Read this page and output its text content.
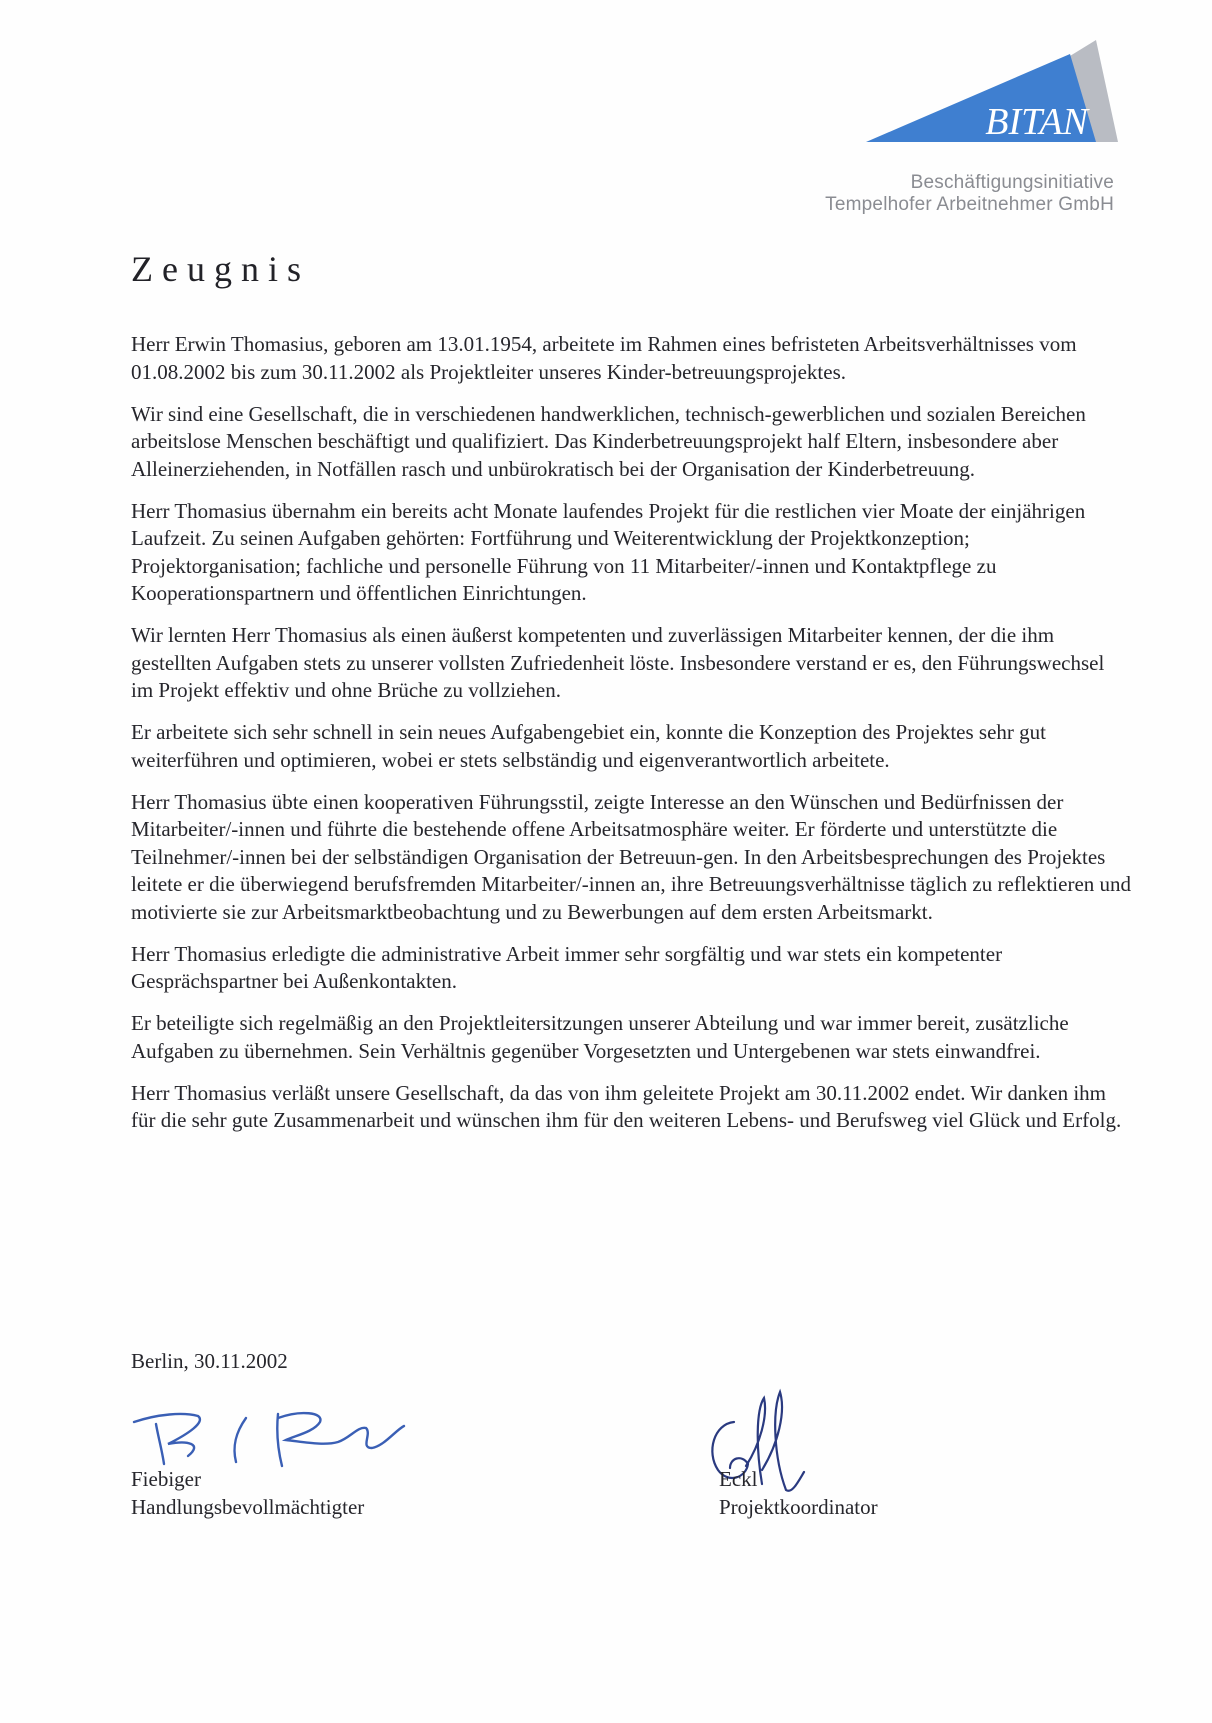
BITAN
Beschäftigungsinitiative
Tempelhofer Arbeitnehmer GmbH
Zeugnis

Herr Erwin Thomasius, geboren am 13.01.1954, arbeitete im Rahmen eines befristeten Arbeitsverhältnisses vom 01.08.2002 bis zum 30.11.2002 als Projektleiter unseres Kinder-betreuungsprojektes.

Wir sind eine Gesellschaft, die in verschiedenen handwerklichen, technisch-gewerblichen und sozialen Bereichen arbeitslose Menschen beschäftigt und qualifiziert. Das Kinderbetreuungsprojekt half Eltern, insbesondere aber Alleinerziehenden, in Notfällen rasch und unbürokratisch bei der Organisation der Kinderbetreuung.

Herr Thomasius übernahm ein bereits acht Monate laufendes Projekt für die restlichen vier Moate der einjährigen Laufzeit. Zu seinen Aufgaben gehörten: Fortführung und Weiterentwicklung der Projektkonzeption; Projektorganisation; fachliche und personelle Führung von 11 Mitarbeiter/-innen und Kontaktpflege zu Kooperationspartnern und öffentlichen Einrichtungen.

Wir lernten Herr Thomasius als einen äußerst kompetenten und zuverlässigen Mitarbeiter kennen, der die ihm gestellten Aufgaben stets zu unserer vollsten Zufriedenheit löste. Insbesondere verstand er es, den Führungswechsel im Projekt effektiv und ohne Brüche zu vollziehen.

Er arbeitete sich sehr schnell in sein neues Aufgabengebiet ein, konnte die Konzeption des Projektes sehr gut weiterführen und optimieren, wobei er stets selbständig und eigenverantwortlich arbeitete.

Herr Thomasius übte einen kooperativen Führungsstil, zeigte Interesse an den Wünschen und Bedürfnissen der Mitarbeiter/-innen und führte die bestehende offene Arbeitsatmosphäre weiter. Er förderte und unterstützte die Teilnehmer/-innen bei der selbständigen Organisation der Betreuun-gen. In den Arbeitsbesprechungen des Projektes leitete er die überwiegend berufsfremden Mitarbeiter/-innen an, ihre Betreuungsverhältnisse täglich zu reflektieren und motivierte sie zur Arbeitsmarktbeobachtung und zu Bewerbungen auf dem ersten Arbeitsmarkt.

Herr Thomasius erledigte die administrative Arbeit immer sehr sorgfältig und war stets ein kompetenter Gesprächspartner bei Außenkontakten.

Er beteiligte sich regelmäßig an den Projektleitersitzungen unserer Abteilung und war immer bereit, zusätzliche Aufgaben zu übernehmen. Sein Verhältnis gegenüber Vorgesetzten und Untergebenen war stets einwandfrei.

Herr Thomasius verläßt unsere Gesellschaft, da das von ihm geleitete Projekt am 30.11.2002 endet. Wir danken ihm für die sehr gute Zusammenarbeit und wünschen ihm für den weiteren Lebens- und Berufsweg viel Glück und Erfolg.

Berlin, 30.11.2002
Fiebiger
Handlungsbevollmächtigter
Eckl
Projektkoordinator
